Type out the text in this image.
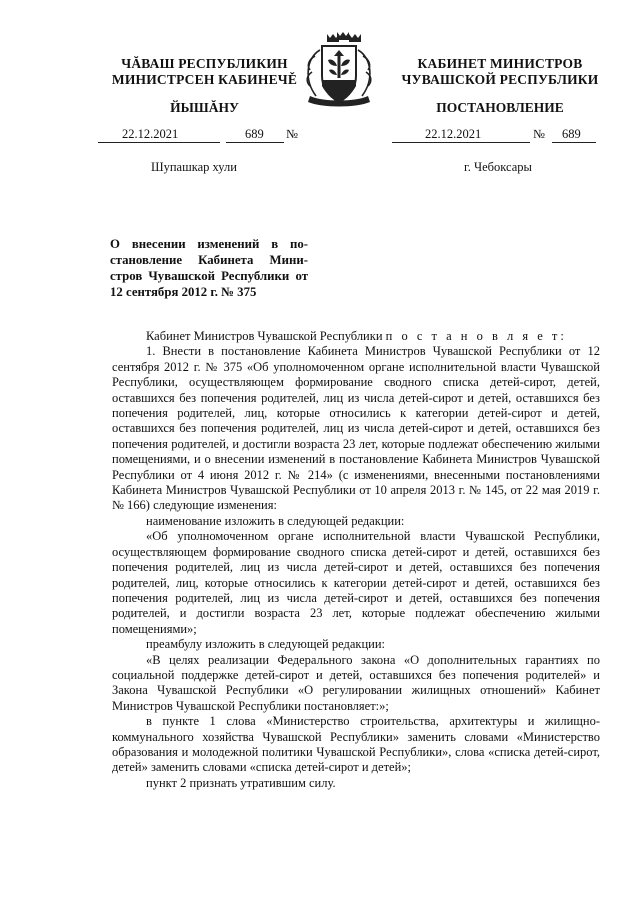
ЧĂВАШ РЕСПУБЛИКИН
МИНИСТРСЕН КАБИНЕЧĚ
ЙЫШĂНУ
КАБИНЕТ МИНИСТРОВ
ЧУВАШСКОЙ РЕСПУБЛИКИ
ПОСТАНОВЛЕНИЕ
22.12.2021	689 №	22.12.2021	№ 689
Шупашкар хули	г. Чебоксары
О внесении изменений в по-становление Кабинета Мини-стров Чувашской Республики от 12 сентября 2012 г. № 375

Кабинет Министров Чувашской Республики п о с т а н о в л я е т:

1. Внести в постановление Кабинета Министров Чувашской Республики от 12 сентября 2012 г. № 375 «Об уполномоченном органе исполнительной власти Чувашской Республики, осуществляющем формирование сводного списка детей-сирот, детей, оставшихся без попечения родителей, лиц из числа детей-сирот и детей, оставшихся без попечения родителей, лиц, которые относились к категории детей-сирот и детей, оставшихся без попечения родителей, лиц из числа детей-сирот и детей, оставшихся без попечения родителей, и достигли возраста 23 лет, которые подлежат обеспечению жилыми помещениями, и о внесении изменений в постановление Кабинета Министров Чувашской Республики от 4 июня 2012 г. № 214» (с изменениями, внесенными постановлениями Кабинета Министров Чувашской Республики от 10 апреля 2013 г. № 145, от 22 мая 2019 г. № 166) следующие изменения:

наименование изложить в следующей редакции:

«Об уполномоченном органе исполнительной власти Чувашской Республики, осуществляющем формирование сводного списка детей-сирот и детей, оставшихся без попечения родителей, лиц из числа детей-сирот и детей, оставшихся без попечения родителей, лиц, которые относились к категории детей-сирот и детей, оставшихся без попечения родителей, лиц из числа детей-сирот и детей, оставшихся без попечения родителей, и достигли возраста 23 лет, которые подлежат обеспечению жилыми помещениями»;

преамбулу изложить в следующей редакции:

«В целях реализации Федерального закона «О дополнительных гарантиях по социальной поддержке детей-сирот и детей, оставшихся без попечения родителей» и Закона Чувашской Республики «О регулировании жилищных отношений» Кабинет Министров Чувашской Республики постановляет:»;

в пункте 1 слова «Министерство строительства, архитектуры и жилищно-коммунального хозяйства Чувашской Республики» заменить словами «Министерство образования и молодежной политики Чувашской Республики», слова «списка детей-сирот, детей» заменить словами «списка детей-сирот и детей»;

пункт 2 признать утратившим силу.
